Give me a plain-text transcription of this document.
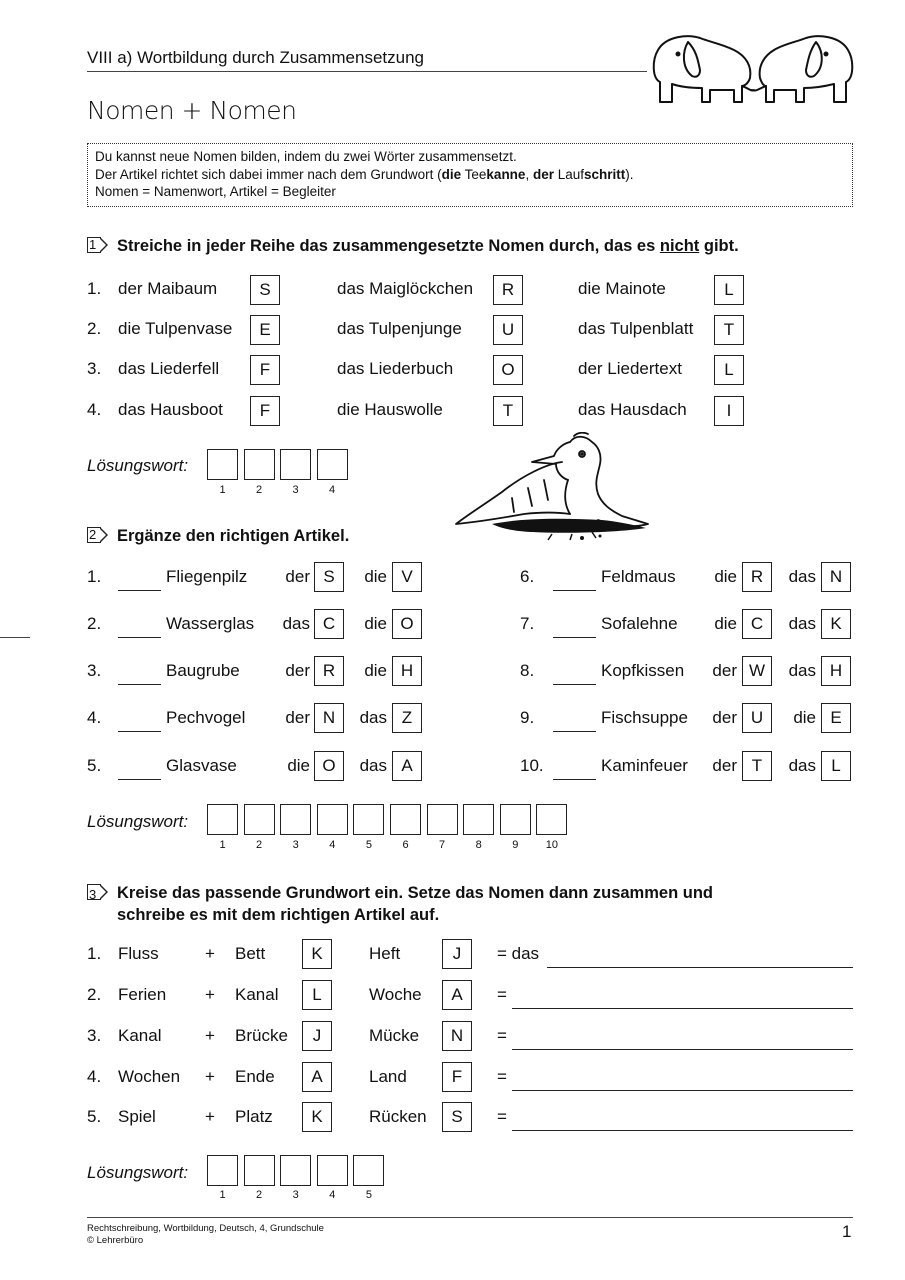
VIII a) Wortbildung durch Zusammensetzung
Nomen + Nomen
Du kannst neue Nomen bilden, indem du zwei Wörter zusammensetzt.
Der Artikel richtet sich dabei immer nach dem Grundwort (die Teekanne, der Laufschritt).
Nomen = Namenwort, Artikel = Begleiter
1 Streiche in jeder Reihe das zusammengesetzte Nomen durch, das es nicht gibt.
1. der Maibaum	S	das Maiglöckchen	R	die Mainote	L
2. die Tulpenvase	E	das Tulpenjunge	U	das Tulpenblatt	T
3. das Liederfell	F	das Liederbuch	O	der Liedertext	L
4. das Hausboot	F	die Hauswolle	T	das Hausdach	I
Lösungswort:
1	2	3	4
2 Ergänze den richtigen Artikel.
1.	Fliegenpilz	der S	die V
2.	Wasserglas das C	die O
3.	Baugrube	der R	die H
4.	Pechvogel	der N	das Z
5.	Glasvase	die O	das A
6.	Feldmaus	die R	das N
7.	Sofalehne	die C	das K
8.	Kopfkissen	der W	das H
9.	Fischsuppe	der U	die E
10.	Kaminfeuer	der T	das L
Lösungswort:
1	2	3	4	5	6	7	8	9	10
3 Kreise das passende Grundwort ein. Setze das Nomen dann zusammen und
schreibe es mit dem richtigen Artikel auf.
1. Fluss	+ Bett	K	Heft	J	= das
2. Ferien + Kanal	L	Woche	A	=
3. Kanal	+ Brücke	J	Mücke	N	=
4. Wochen + Ende	A	Land	F	=
5. Spiel	+ Platz	K	Rücken	S	=
Lösungswort:
1	2	3	4	5
Rechtschreibung, Wortbildung, Deutsch, 4, Grundschule
© Lehrerbüro	1
